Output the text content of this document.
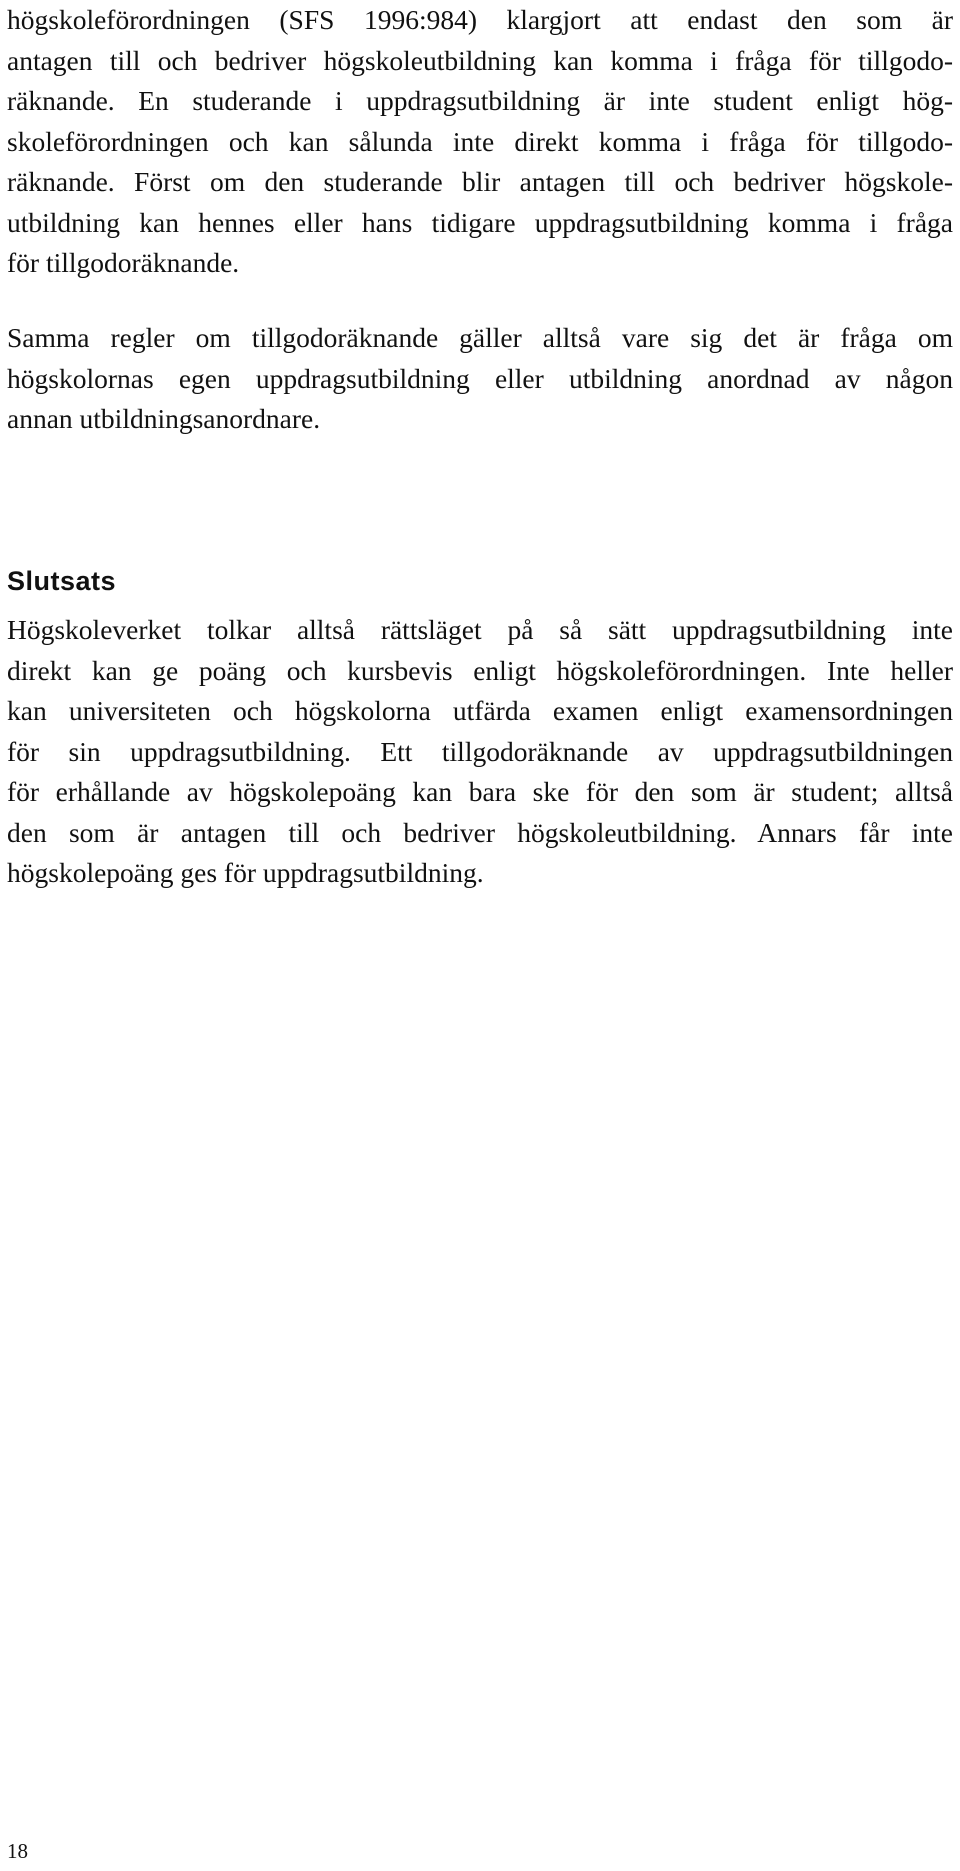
högskoleförordningen (SFS 1996:984) klargjort att endast den som är
antagen till och bedriver högskoleutbildning kan komma i fråga för tillgodo-
räknande. En studerande i uppdragsutbildning är inte student enligt hög-
skoleförordningen och kan sålunda inte direkt komma i fråga för tillgodo-
räknande. Först om den studerande blir antagen till och bedriver högskole-
utbildning kan hennes eller hans tidigare uppdragsutbildning komma i fråga
för tillgodoräknande.

Samma regler om tillgodoräknande gäller alltså vare sig det är fråga om
högskolornas egen uppdragsutbildning eller utbildning anordnad av någon
annan utbildningsanordnare.

Slutsats

Högskoleverket tolkar alltså rättsläget på så sätt uppdragsutbildning inte
direkt kan ge poäng och kursbevis enligt högskoleförordningen. Inte heller
kan universiteten och högskolorna utfärda examen enligt examensordningen
för sin uppdragsutbildning. Ett tillgodoräknande av uppdragsutbildningen
för erhållande av högskolepoäng kan bara ske för den som är student; alltså
den som är antagen till och bedriver högskoleutbildning. Annars får inte
högskolepoäng ges för uppdragsutbildning.

18
